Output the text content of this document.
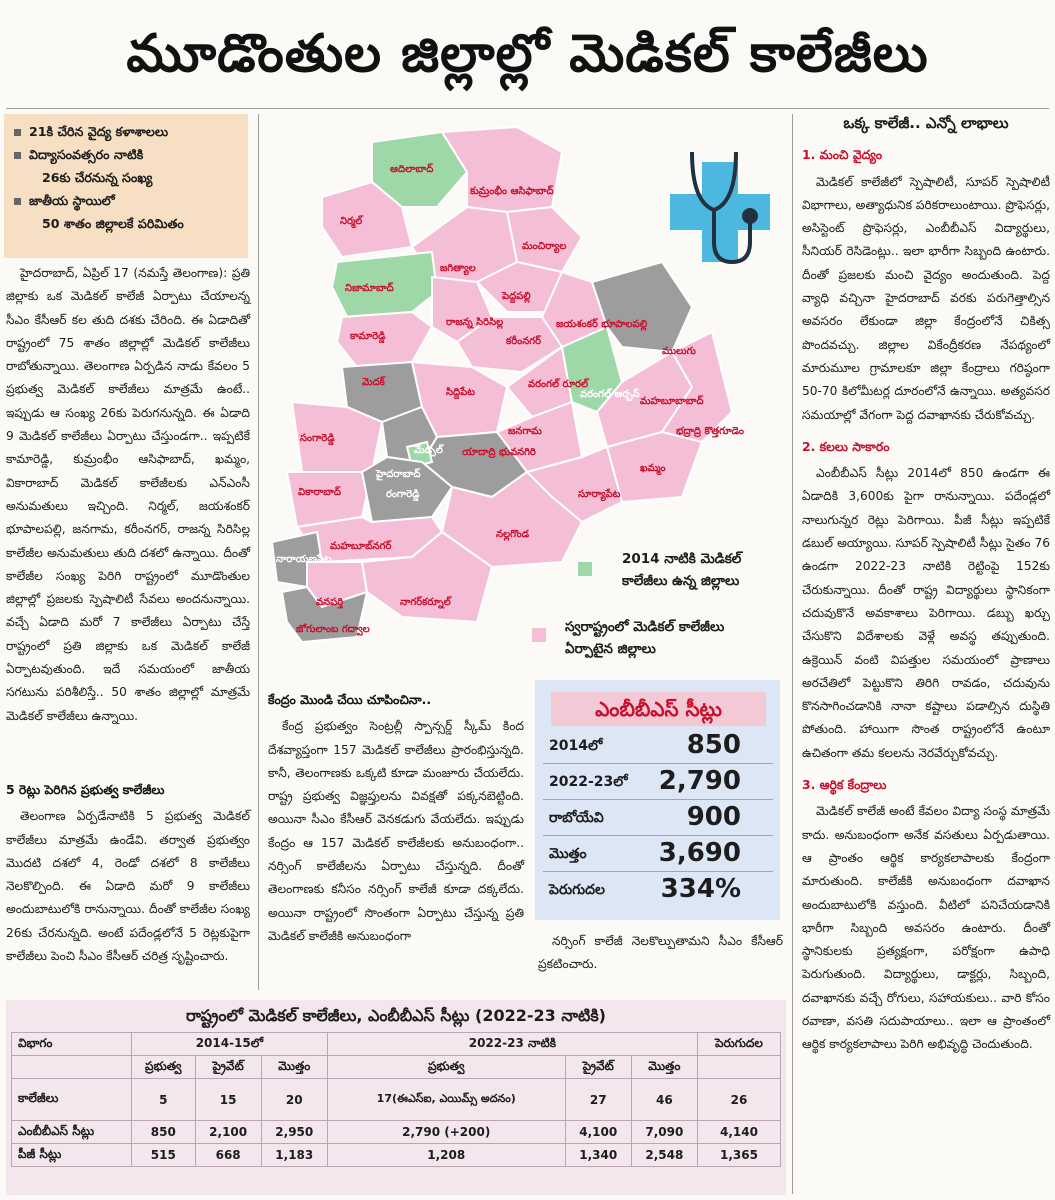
మూడొంతుల జిల్లాల్లో మెడికల్‌ కాలేజీలు
21కి చేరిన వైద్య కళాశాలలు
విద్యాసంవత్సరం నాటికి
26కు చేరనున్న సంఖ్య
జాతీయ స్థాయిలో
50 శాతం జిల్లాలకే పరిమితం

హైదరాబాద్‌, ఏప్రిల్‌ 17 (నమస్తే తెలంగాణ): ప్రతి జిల్లాకు ఒక మెడికల్‌ కాలేజీ ఏర్పాటు చేయాలన్న సీఎం కేసీఆర్‌ కల తుది దశకు చేరింది. ఈ ఏడాదితో రాష్ట్రంలో 75 శాతం జిల్లాల్లో మెడికల్‌ కాలేజీలు రాబోతున్నాయి. తెలంగాణ ఏర్పడిన నాడు కేవలం 5 ప్రభుత్వ మెడికల్‌ కాలేజీలు మాత్రమే ఉంటే.. ఇప్పుడు ఆ సంఖ్య 26కు పెరుగనున్నది. ఈ ఏడాది 9 మెడికల్‌ కాలేజీలు ఏర్పాటు చేస్తుండగా.. ఇప్పటికే కామారెడ్డి, కుమ్రంభీం ఆసిఫాబాద్‌, ఖమ్మం, వికారాబాద్‌ మెడికల్‌ కాలేజీలకు ఎన్‌ఎంసీ అనుమతులు ఇచ్చింది. నిర్మల్‌, జయశంకర్‌ భూపాలపల్లి, జనగామ, కరీంనగర్‌, రాజన్న సిరిసిల్ల కాలేజీల అనుమతులు తుది దశలో ఉన్నాయి. దీంతో కాలేజీల సంఖ్య పెరిగి రాష్ట్రంలో మూడొంతుల జిల్లాల్లో ప్రజలకు స్పెషాలిటీ సేవలు అందనున్నాయి. వచ్చే ఏడాది మరో 7 కాలేజీలు ఏర్పాటు చేస్తే రాష్ట్రంలో ప్రతి జిల్లాకు ఒక మెడికల్‌ కాలేజీ ఏర్పాటవుతుంది. ఇదే సమయంలో జాతీయ సగటును పరిశీలిస్తే.. 50 శాతం జిల్లాల్లో మాత్రమే మెడికల్‌ కాలేజీలు ఉన్నాయి.

5 రెట్లు పెరిగిన ప్రభుత్వ కాలేజీలు

తెలంగాణ ఏర్పడేనాటికి 5 ప్రభుత్వ మెడికల్‌ కాలేజీలు మాత్రమే ఉండేవి. తర్వాత ప్రభుత్వం మొదటి దశలో 4, రెండో దశలో 8 కాలేజీలు నెలకొల్పింది. ఈ ఏడాది మరో 9 కాలేజీలు అందుబాటులోకి రానున్నాయి. దీంతో కాలేజీల సంఖ్య 26కు చేరనున్నది. అంటే పదేండ్లలోనే 5 రెట్లకుపైగా కాలేజీలు పెంచి సీఎం కేసీఆర్‌ చరిత్ర సృష్టించారు.

ఆదిలాబాద్‌
కుమ్రంభీం ఆసిఫాబాద్‌
నిర్మల్‌
మంచిర్యాల
జగిత్యాల
నిజామాబాద్‌
పెద్దపల్లి
రాజన్న సిరిసిల్ల	జయశంకర్‌ భూపాలపల్లి
ములుగు
కామారెడ్డి	కరీంనగర్‌
మెదక్‌
సిద్దిపేట
వరంగల్‌ రూరల్‌
వరంగల్‌ అర్బన్‌
మహబూబాబాద్‌
భద్రాద్రి కొత్తగూడెం
సంగారెడ్డి
జనగామ
మేడ్చల్‌ యాదాద్రి భువనగిరి
ఖమ్మం
వికారాబాద్‌
హైదరాబాద్‌
రంగారెడ్డి	సూర్యాపేట
నల్లగొండ
మహబూబ్‌నగర్‌
నారాయణపేట
నాగర్‌కర్నూల్‌
వనపర్తి
జోగులాంబ గద్వాల
2014 నాటికి మెడికల్‌
కాలేజీలు ఉన్న జిల్లాలు
స్వరాష్ట్రంలో మెడికల్‌ కాలేజీలు
ఏర్పాటైన జిల్లాలు
కేంద్రం మొండి చేయి చూపించినా..

కేంద్ర ప్రభుత్వం సెంట్రల్లీ స్పాన్సర్డ్‌ స్కీమ్‌ కింద దేశవ్యాప్తంగా 157 మెడికల్‌ కాలేజీలు ప్రారంభిస్తున్నది. కానీ, తెలంగాణకు ఒక్కటి కూడా మంజూరు చేయలేదు. రాష్ట్ర ప్రభుత్వ విజ్ఞప్తులను వివక్షతో పక్కనబెట్టింది. అయినా సీఎం కేసీఆర్‌ వెనకడుగు వేయలేదు. ఇప్పుడు కేంద్రం ఆ 157 మెడికల్‌ కాలేజీలకు అనుబంధంగా.. నర్సింగ్‌ కాలేజీలను ఏర్పాటు చేస్తున్నది. దీంతో తెలంగాణకు కనీసం నర్సింగ్‌ కాలేజీ కూడా దక్కలేదు. అయినా రాష్ట్రంలో సొంతంగా ఏర్పాటు చేస్తున్న ప్రతి మెడికల్‌ కాలేజీకి అనుబంధంగా	నర్సింగ్‌ కాలేజీ నెలకొల్పుతామని సీఎం కేసీఆర్‌ ప్రకటించారు.

ఎంబీబీఎస్‌ సీట్లు
2014లో	850
2022-23లో 2,790
రాబోయేవి	900
మొత్తం	3,690
పెరుగుదల 334%
ఒక్క కాలేజీ.. ఎన్నో లాభాలు
1. మంచి వైద్యం

మెడికల్‌ కాలేజీలో స్పెషాలిటీ, సూపర్‌ స్పెషాలిటీ విభాగాలు, అత్యాధునిక పరికరాలుంటాయి. ప్రొఫెసర్లు, అసిస్టెంట్‌ ప్రొఫెసర్లు, ఎంబీబీఎస్‌ విద్యార్థులు, సీనియర్‌ రెసిడెంట్లు.. ఇలా భారీగా సిబ్బంది ఉంటారు. దీంతో ప్రజలకు మంచి వైద్యం అందుతుంది. పెద్ద వ్యాధి వచ్చినా హైదరాబాద్‌ వరకు పరుగెత్తాల్సిన అవసరం లేకుండా జిల్లా కేంద్రంలోనే చికిత్స పొందవచ్చు. జిల్లాల వికేంద్రీకరణ నేపథ్యంలో మారుమూల గ్రామాలకూ జిల్లా కేంద్రాలు గరిష్ఠంగా 50-70 కిలోమీటర్ల దూరంలోనే ఉన్నాయి. అత్యవసర సమయాల్లో వేగంగా పెద్ద దవాఖానకు చేరుకోవచ్చు.

2. కలలు సాకారం

ఎంబీబీఎస్‌ సీట్లు 2014లో 850 ఉండగా ఈ ఏడాదికి 3,600కు పైగా రానున్నాయి. పదేండ్లలో నాలుగున్నర రెట్లు పెరిగాయి. పీజీ సీట్లు ఇప్పటికే డబుల్‌ అయ్యాయి. సూపర్‌ స్పెషాలిటీ సీట్లు సైతం 76 ఉండగా 2022-23 నాటికి రెట్టింపై 152కు చేరుకున్నాయి. దీంతో రాష్ట్ర విద్యార్థులు స్థానికంగా చదువుకొనే అవకాశాలు పెరిగాయి. డబ్బు ఖర్చు చేసుకొని విదేశాలకు వెళ్లే అవస్థ తప్పుతుంది. ఉక్రెయిన్‌ వంటి విపత్తుల సమయంలో ప్రాణాలు అరచేతిలో పెట్టుకొని తిరిగి రావడం, చదువును కొనసాగించడానికి నానా కష్టాలు పడాల్సిన దుస్థితి పోతుంది. హాయిగా సొంత రాష్ట్రంలోనే ఉంటూ ఉచితంగా తమ కలలను నెరవేర్చుకోవచ్చు.

3. ఆర్థిక కేంద్రాలు

మెడికల్‌ కాలేజీ అంటే కేవలం విద్యా సంస్థ మాత్రమే కాదు. అనుబంధంగా అనేక వసతులు ఏర్పడుతాయి. ఆ ప్రాంతం ఆర్థిక కార్యకలాపాలకు కేంద్రంగా మారుతుంది. కాలేజీకి అనుబంధంగా దవాఖాన అందుబాటులోకి వస్తుంది. వీటిలో పనిచేయడానికి భారీగా సిబ్బంది అవసరం ఉంటారు. దీంతో స్థానికులకు ప్రత్యక్షంగా, పరోక్షంగా ఉపాధి పెరుగుతుంది. విద్యార్థులు, డాక్టర్లు, సిబ్బంది, దవాఖానకు వచ్చే రోగులు, సహాయకులు.. వారి కోసం రవాణా, వసతి సదుపాయాలు.. ఇలా ఆ ప్రాంతంలో ఆర్థిక కార్యకలాపాలు పెరిగి అభివృద్ధి చెందుతుంది.

రాష్ట్రంలో మెడికల్‌ కాలేజీలు, ఎంబీబీఎస్‌ సీట్లు (2022-23 నాటికి)
విభాగం	2014-15లో			2022-23 నాటికి			పెరుగుదల
	ప్రభుత్వ	ప్రైవేట్‌	మొత్తం	ప్రభుత్వ	ప్రైవేట్‌	మొత్తం	
కాలేజీలు	5	15	20	17(ఈఎస్‌ఐ, ఎయిమ్స్‌ అదనం)	27	46	26
ఎంబీబీఎస్‌ సీట్లు	850	2,100	2,950	2,790 (+200)	4,100	7,090	4,140
పీజీ సీట్లు	515	668	1,183	1,208	1,340	2,548	1,365
